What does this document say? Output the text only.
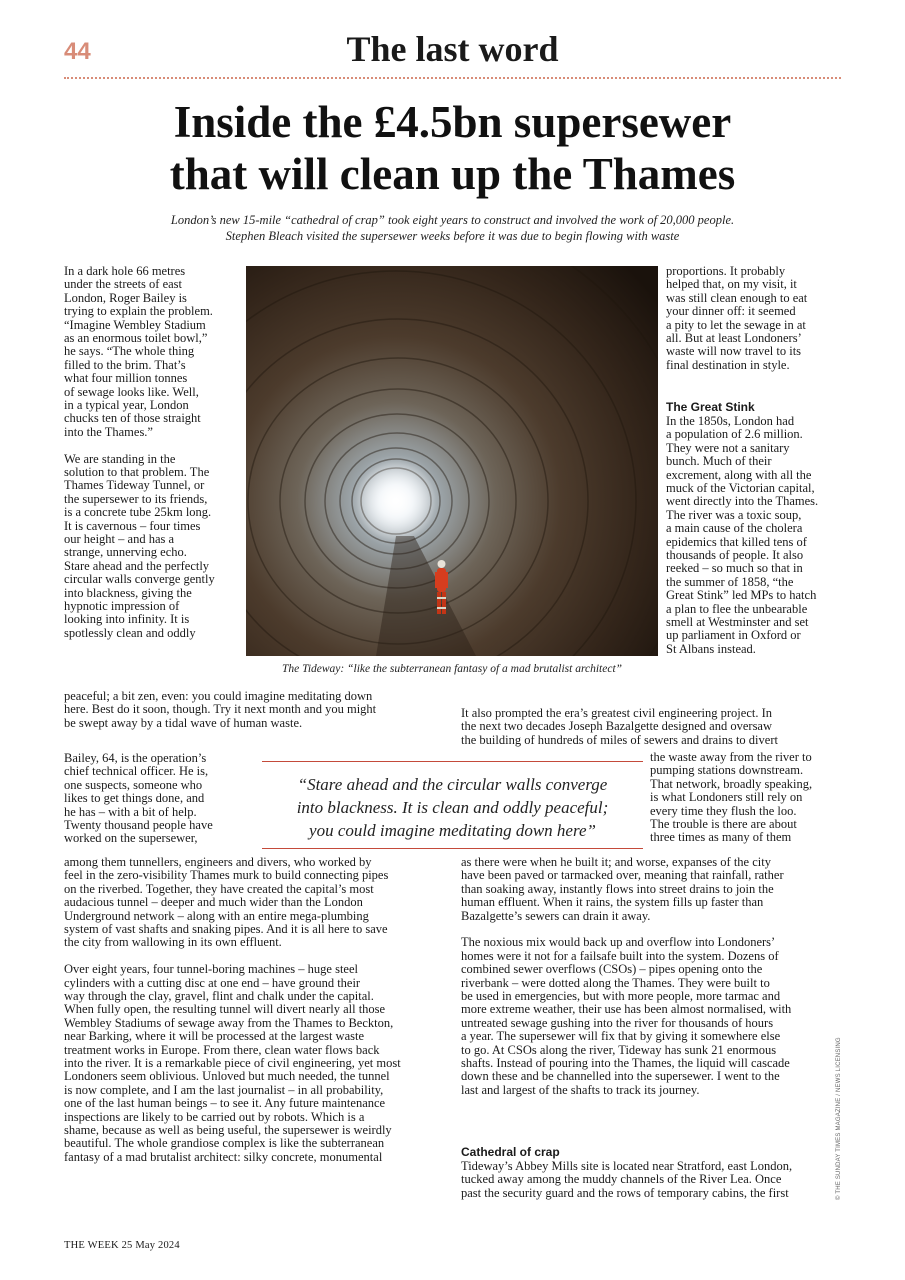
44	The last word
Inside the £4.5bn supersewer
that will clean up the Thames
London’s new 15-mile “cathedral of crap” took eight years to construct and involved the work of 20,000 people.
Stephen Bleach visited the supersewer weeks before it was due to begin flowing with waste
The Tideway: “like the subterranean fantasy of a mad brutalist architect”
“Stare ahead and the circular walls converge
into blackness. It is clean and oddly peaceful;
you could imagine meditating down here”
The Great Stink
Cathedral of crap	© THE SUNDAY TIMES MAGAZINE / NEWS LICENSING
THE WEEK 25 May 2024
In a dark hole 66 metres
under the streets of east
London, Roger Bailey is
trying to explain the problem.
“Imagine Wembley Stadium
as an enormous toilet bowl,”
he says. “The whole thing
filled to the brim. That’s
what four million tonnes
of sewage looks like. Well,
in a typical year, London
chucks ten of those straight
into the Thames.”
We are standing in the
solution to that problem. The
Thames Tideway Tunnel, or
the supersewer to its friends,
is a concrete tube 25km long.
It is cavernous – four times
our height – and has a
strange, unnerving echo.
Stare ahead and the perfectly
circular walls converge gently
into blackness, giving the
hypnotic impression of
looking into infinity. It is
spotlessly clean and oddly
peaceful; a bit zen, even: you could imagine meditating down
here. Best do it soon, though. Try it next month and you might
be swept away by a tidal wave of human waste.
Bailey, 64, is the operation’s
chief technical officer. He is,
one suspects, someone who
likes to get things done, and
he has – with a bit of help.
Twenty thousand people have
worked on the supersewer,
among them tunnellers, engineers and divers, who worked by
feel in the zero-visibility Thames murk to build connecting pipes
on the riverbed. Together, they have created the capital’s most
audacious tunnel – deeper and much wider than the London
Underground network – along with an entire mega-plumbing
system of vast shafts and snaking pipes. And it is all here to save
the city from wallowing in its own effluent.
Over eight years, four tunnel-boring machines – huge steel
cylinders with a cutting disc at one end – have ground their
way through the clay, gravel, flint and chalk under the capital.
When fully open, the resulting tunnel will divert nearly all those
Wembley Stadiums of sewage away from the Thames to Beckton,
near Barking, where it will be processed at the largest waste
treatment works in Europe. From there, clean water flows back
into the river. It is a remarkable piece of civil engineering, yet most
Londoners seem oblivious. Unloved but much needed, the tunnel
is now complete, and I am the last journalist – in all probability,
one of the last human beings – to see it. Any future maintenance
inspections are likely to be carried out by robots. Which is a
shame, because as well as being useful, the supersewer is weirdly
beautiful. The whole grandiose complex is like the subterranean
fantasy of a mad brutalist architect: silky concrete, monumental
proportions. It probably
helped that, on my visit, it
was still clean enough to eat
your dinner off: it seemed
a pity to let the sewage in at
all. But at least Londoners’
waste will now travel to its
final destination in style.
In the 1850s, London had
a population of 2.6 million.
They were not a sanitary
bunch. Much of their
excrement, along with all the
muck of the Victorian capital,
went directly into the Thames.
The river was a toxic soup,
a main cause of the cholera
epidemics that killed tens of
thousands of people. It also
reeked – so much so that in
the summer of 1858, “the
Great Stink” led MPs to hatch
a plan to flee the unbearable
smell at Westminster and set
up parliament in Oxford or
St Albans instead.
It also prompted the era’s greatest civil engineering project. In
the next two decades Joseph Bazalgette designed and oversaw
the building of hundreds of miles of sewers and drains to divert
the waste away from the river to
pumping stations downstream.
That network, broadly speaking,
is what Londoners still rely on
every time they flush the loo.
The trouble is there are about
three times as many of them
as there were when he built it; and worse, expanses of the city
have been paved or tarmacked over, meaning that rainfall, rather
than soaking away, instantly flows into street drains to join the
human effluent. When it rains, the system fills up faster than
Bazalgette’s sewers can drain it away.
The noxious mix would back up and overflow into Londoners’
homes were it not for a failsafe built into the system. Dozens of
combined sewer overflows (CSOs) – pipes opening onto the
riverbank – were dotted along the Thames. They were built to
be used in emergencies, but with more people, more tarmac and
more extreme weather, their use has been almost normalised, with
untreated sewage gushing into the river for thousands of hours
a year. The supersewer will fix that by giving it somewhere else
to go. At CSOs along the river, Tideway has sunk 21 enormous
shafts. Instead of pouring into the Thames, the liquid will cascade
down these and be channelled into the supersewer. I went to the
last and largest of the shafts to track its journey.
Tideway’s Abbey Mills site is located near Stratford, east London,
tucked away among the muddy channels of the River Lea. Once
past the security guard and the rows of temporary cabins, the first
